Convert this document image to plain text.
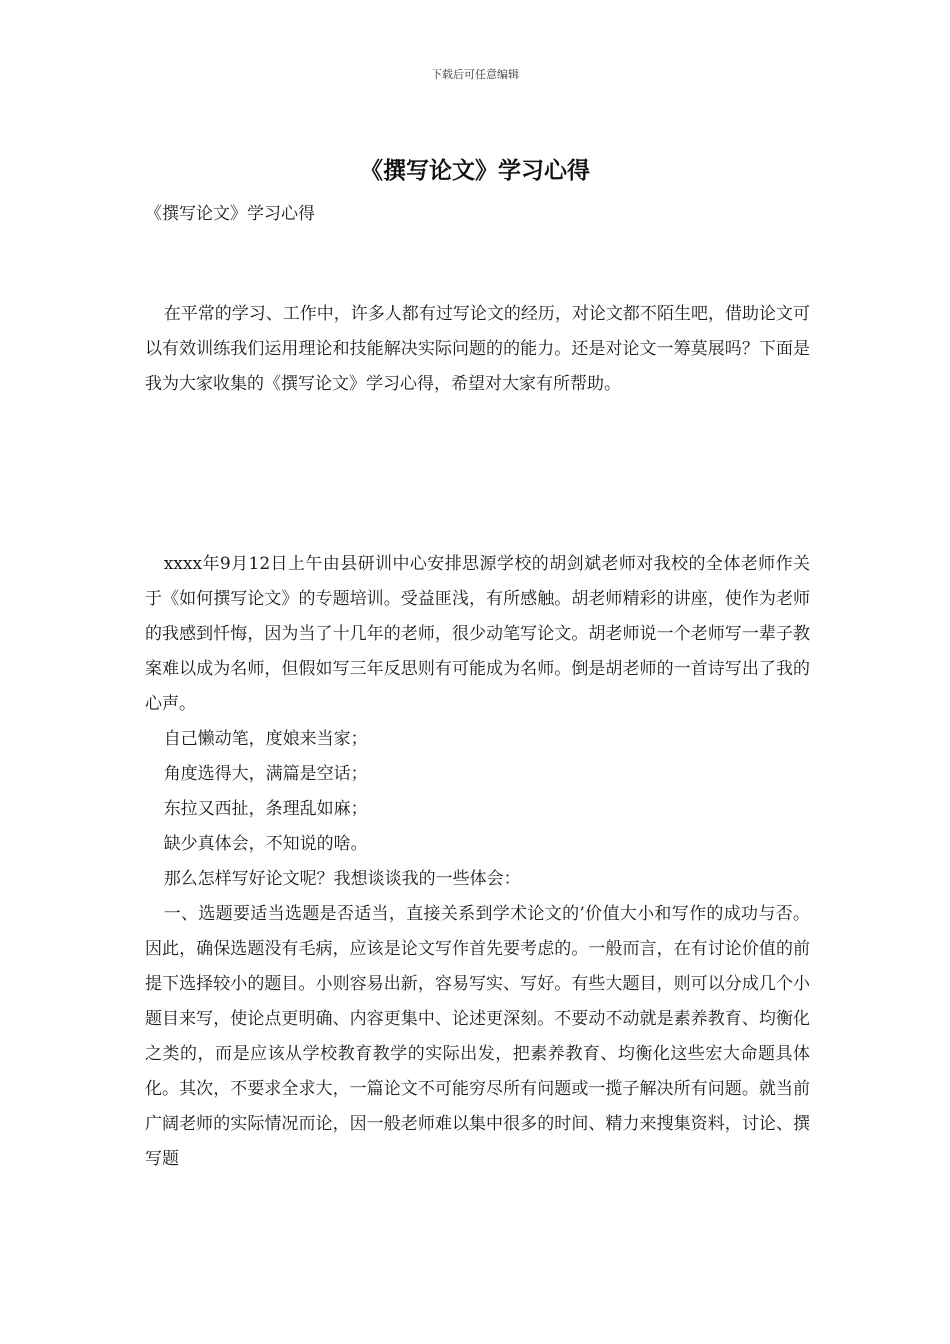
下载后可任意编辑
《撰写论文》学习心得

《撰写论文》学习心得

在平常的学习、工作中，许多人都有过写论文的经历，对论文都不陌生吧，借助论文可以有效训练我们运用理论和技能解决实际问题的的能力。还是对论文一筹莫展吗？下面是我为大家收集的《撰写论文》学习心得，希望对大家有所帮助。

xxxx年9月12日上午由县研训中心安排思源学校的胡剑斌老师对我校的全体老师作关于《如何撰写论文》的专题培训。受益匪浅，有所感触。胡老师精彩的讲座，使作为老师的我感到忏悔，因为当了十几年的老师，很少动笔写论文。胡老师说一个老师写一辈子教案难以成为名师，但假如写三年反思则有可能成为名师。倒是胡老师的一首诗写出了我的心声。

自己懒动笔，度娘来当家；

角度选得大，满篇是空话；

东拉又西扯，条理乱如麻；

缺少真体会，不知说的啥。

那么怎样写好论文呢？我想谈谈我的一些体会：

一、选题要适当选题是否适当，直接关系到学术论文的’价值大小和写作的成功与否。因此，确保选题没有毛病，应该是论文写作首先要考虑的。一般而言，在有讨论价值的前提下选择较小的题目。小则容易出新，容易写实、写好。有些大题目，则可以分成几个小题目来写，使论点更明确、内容更集中、论述更深刻。不要动不动就是素养教育、均衡化之类的，而是应该从学校教育教学的实际出发，把素养教育、均衡化这些宏大命题具体化。其次，不要求全求大，一篇论文不可能穷尽所有问题或一揽子解决所有问题。就当前广阔老师的实际情况而论，因一般老师难以集中很多的时间、精力来搜集资料，讨论、撰写题
